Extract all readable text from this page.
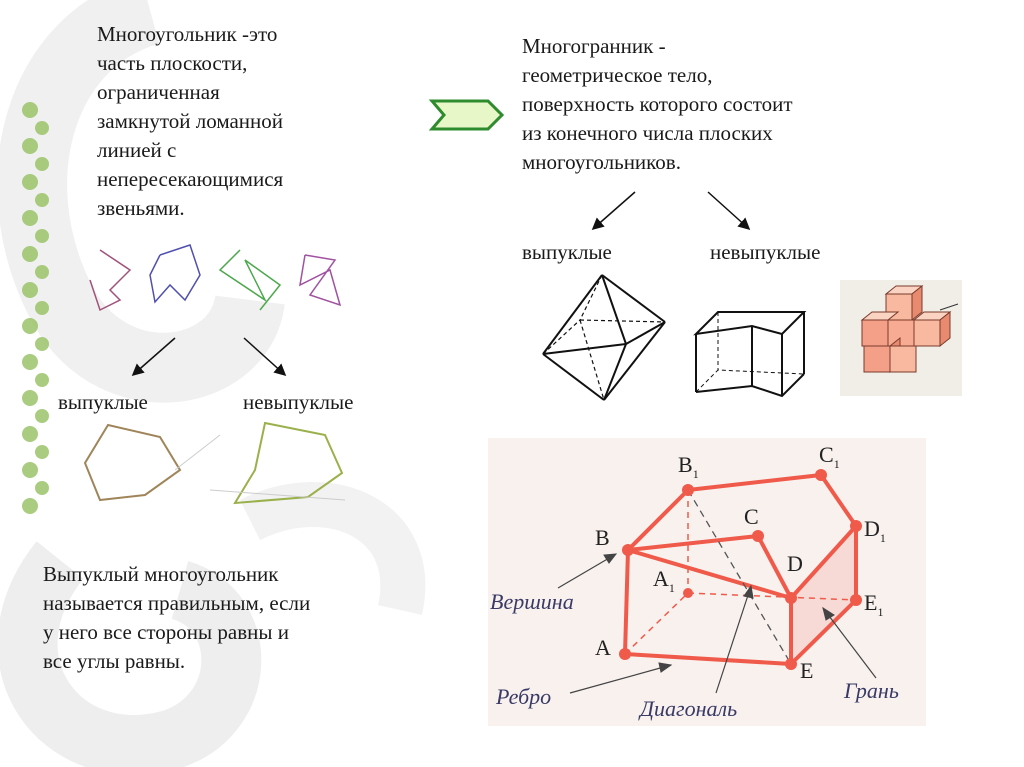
Многоугольник -это
часть плоскости,
ограниченная
замкнутой ломанной
линией с
непересекающимися
звеньями.
выпуклые	невыпуклые
Выпуклый многоугольник
называется правильным, если
у него все стороны равны и
все углы равны.
Многогранник -
геометрическое тело,
поверхность которого состоит
из конечного числа плоских
многоугольников.
выпуклые	невыпуклые
$B_1$
$C_1$
$D_1$
$A_1$
$E_1$
B
C
D
A
E
Вершина
Ребро	Диагональ
Грань
